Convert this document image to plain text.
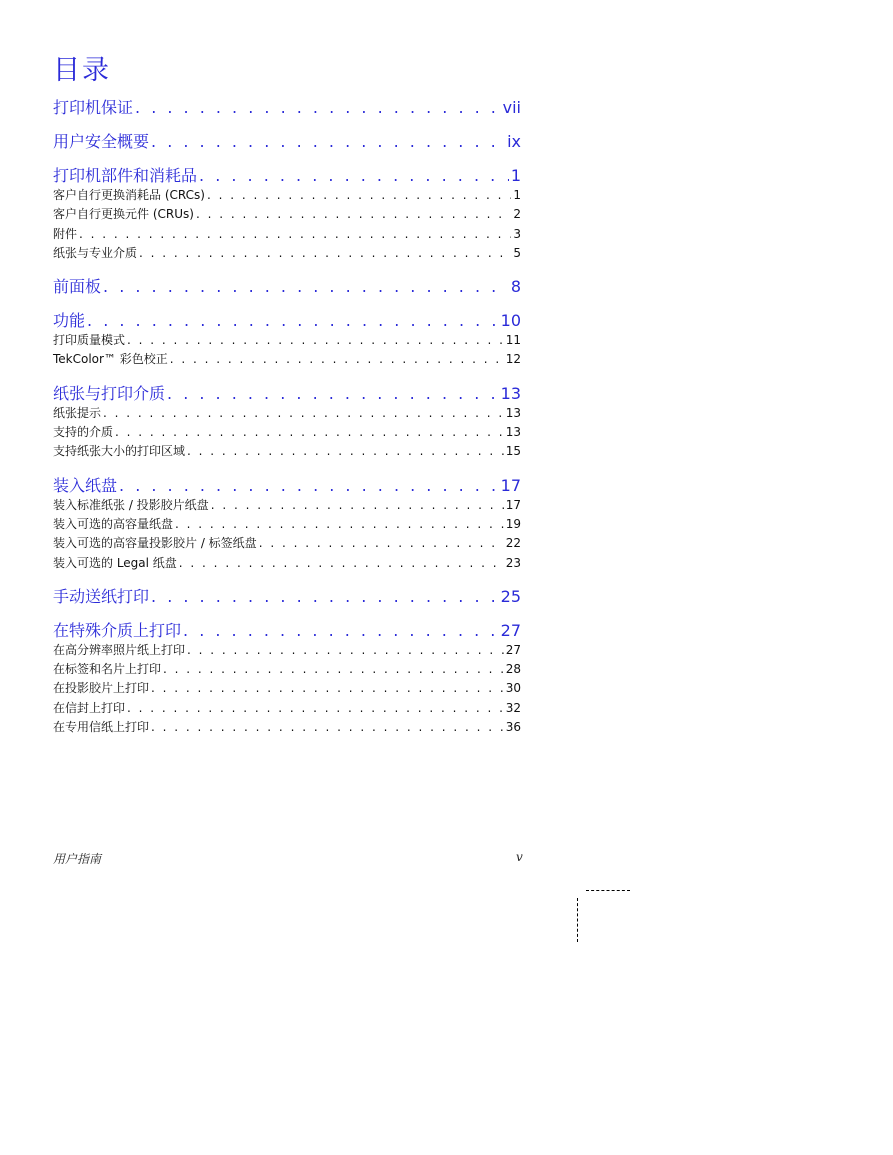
目录
打印机保证 . . .	vii
用户安全概要 . . .	ix
打印机部件和消耗品 . . .	1
客户自行更换消耗品 (CRCs) . . .	1
客户自行更换元件 (CRUs) . . .	2
附件 . . .	3
纸张与专业介质 . . .	5
前面板 . . .	8
功能 . . .	10
打印质量模式 . . .	11
TekColor™ 彩色校正 . . .	12
纸张与打印介质 . . .	13
纸张提示 . . .	13
支持的介质 . . .	13
支持纸张大小的打印区域 . . .	15
装入纸盘 . . .	17
装入标准纸张 / 投影胶片纸盘 . . .	17
装入可选的高容量纸盘 . . .	19
装入可选的高容量投影胶片 / 标签纸盘 . . .	22
装入可选的 Legal 纸盘 . . .	23
手动送纸打印 . . .	25
在特殊介质上打印 . . .	27
在高分辨率照片纸上打印 . . .	27
在标签和名片上打印 . . .	28
在投影胶片上打印 . . .	30
在信封上打印 . . .	32
在专用信纸上打印 . . .	36
用户指南	v
